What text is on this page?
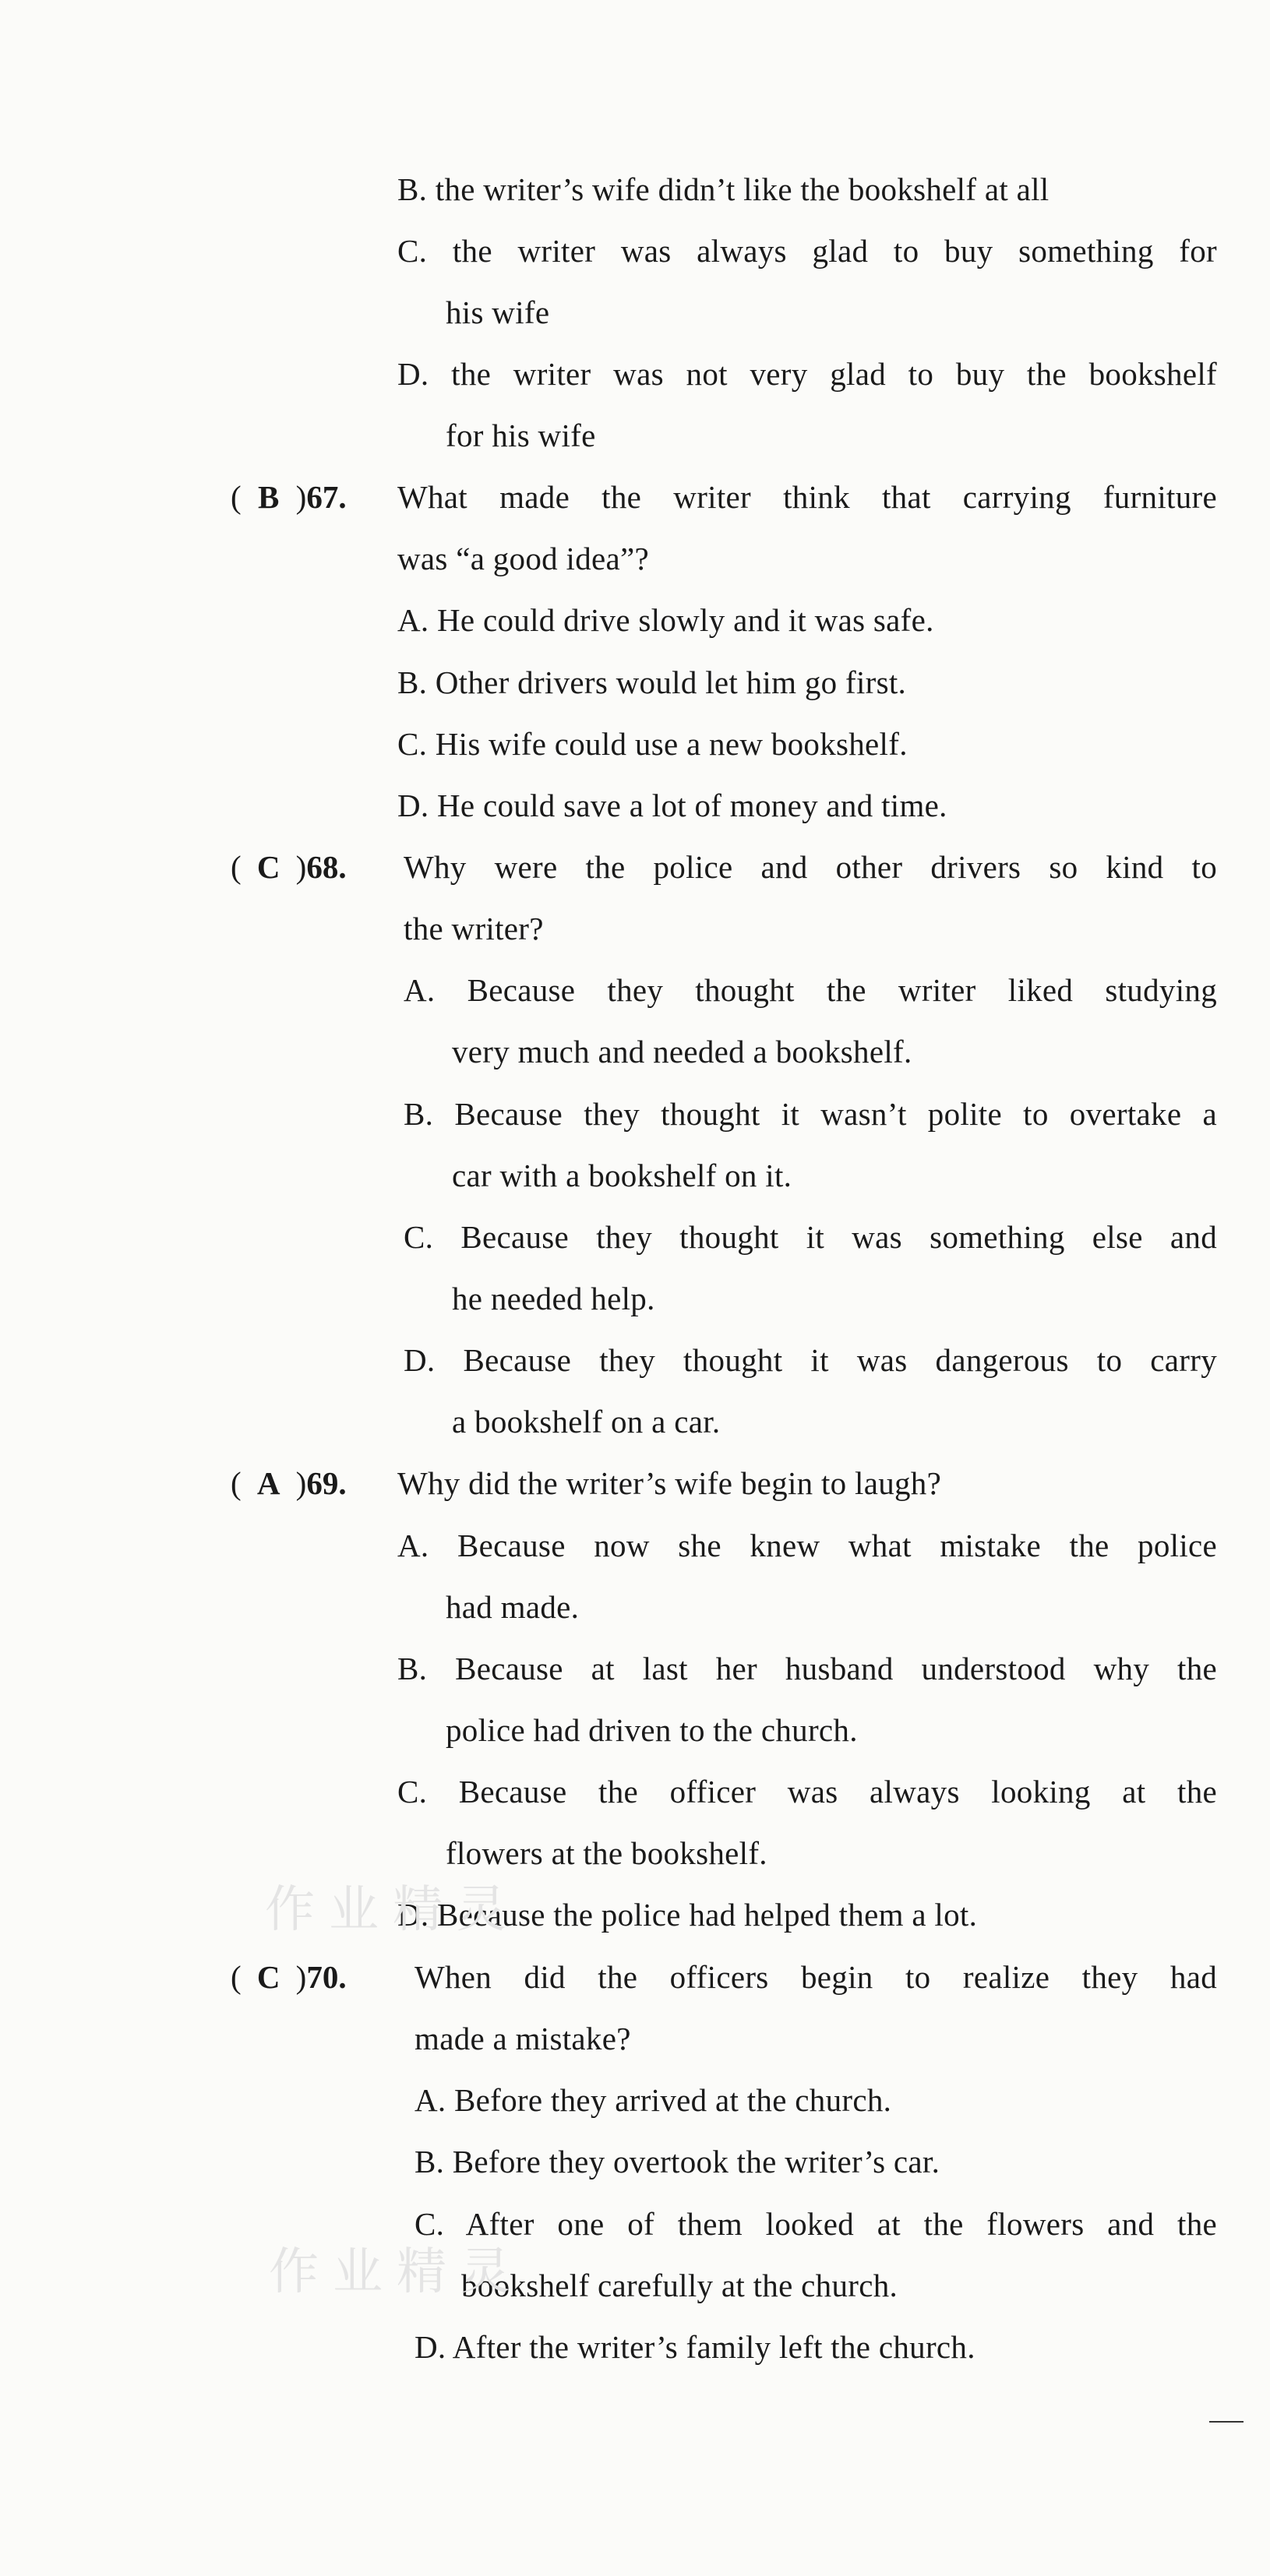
B. the writer’s wife didn’t like the bookshelf at all
C. the writer was always glad to buy something for
his wife
D. the writer was not very glad to buy the bookshelf
for his wife
( B )67. What made the writer think that carrying furniture
was “a good idea”?
A. He could drive slowly and it was safe.
B. Other drivers would let him go first.
C. His wife could use a new bookshelf.
D. He could save a lot of money and time.
( C )68. Why were the police and other drivers so kind to
the writer?
A. Because they thought the writer liked studying
very much and needed a bookshelf.
B. Because they thought it wasn’t polite to overtake a
car with a bookshelf on it.
C. Because they thought it was something else and
he needed help.
D. Because they thought it was dangerous to carry
a bookshelf on a car.
( A )69. Why did the writer’s wife begin to laugh?
A. Because now she knew what mistake the police
had made.
B. Because at last her husband understood why the
police had driven to the church.
C. Because the officer was always looking at the
flowers at the bookshelf.
D. Because the police had helped them a lot.
( C )70. When did the officers begin to realize they had
made a mistake?
A. Before they arrived at the church.
B. Before they overtook the writer’s car.
C. After one of them looked at the flowers and the
bookshelf carefully at the church.
D. After the writer’s family left the church.
作业精灵
作业精灵
